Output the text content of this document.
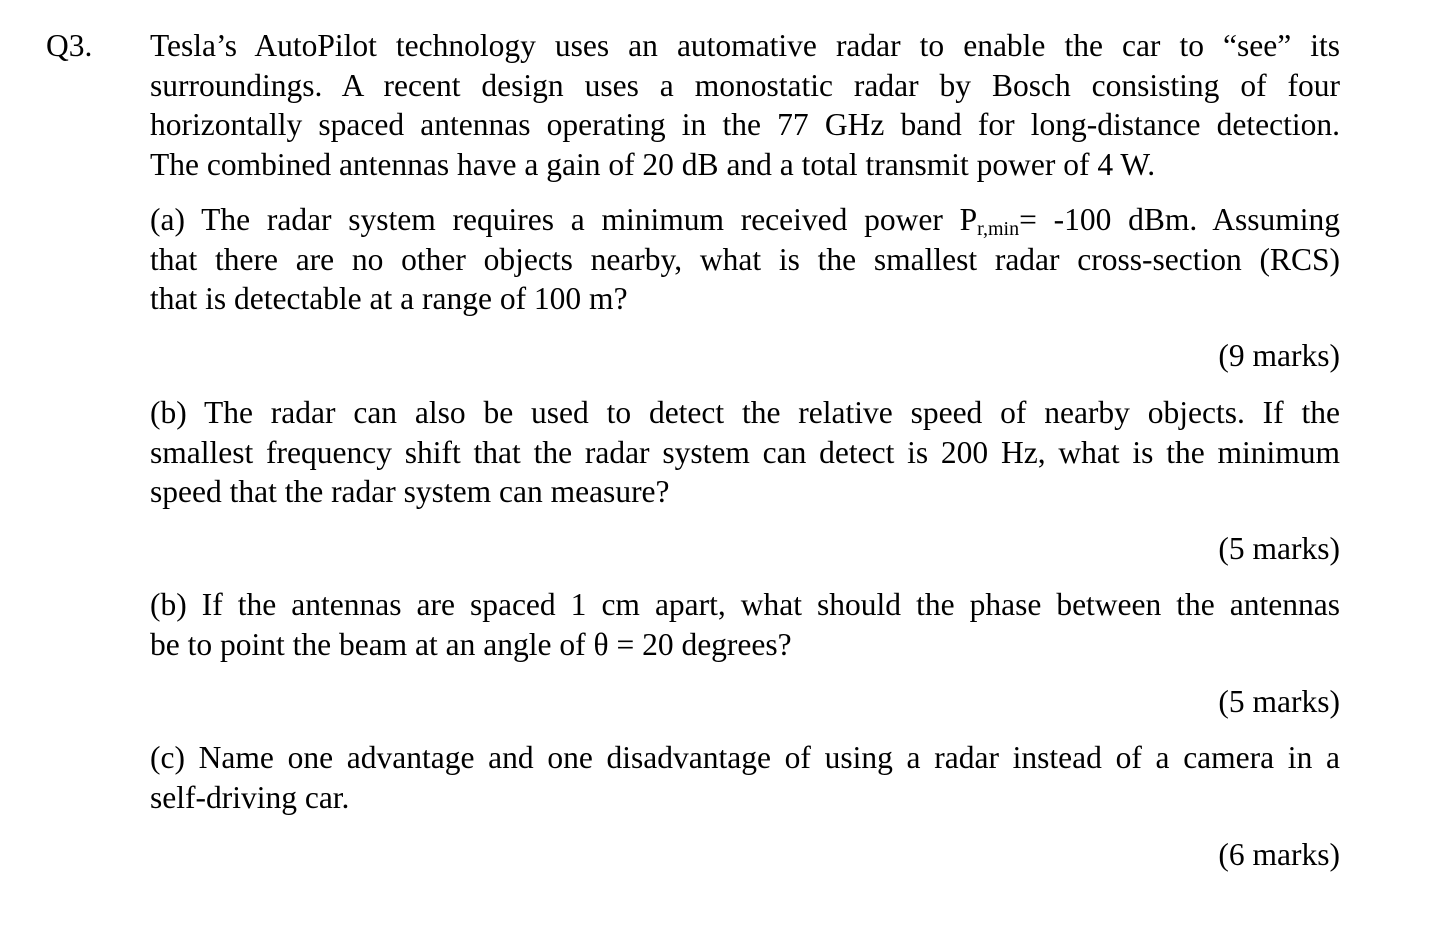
Q3. Tesla’s AutoPilot technology uses an automative radar to enable the car to “see” its
surroundings. A recent design uses a monostatic radar by Bosch consisting of four
horizontally spaced antennas operating in the 77 GHz band for long-distance detection.
The combined antennas have a gain of 20 dB and a total transmit power of 4 W.
(a) The radar system requires a minimum received power $P_{r,min}= -100$ dBm. Assuming
that there are no other objects nearby, what is the smallest radar cross-section (RCS)
that is detectable at a range of 100 m?
(9 marks)
(b) The radar can also be used to detect the relative speed of nearby objects. If the
smallest frequency shift that the radar system can detect is 200 Hz, what is the minimum
speed that the radar system can measure?
(5 marks)
(b) If the antennas are spaced 1 cm apart, what should the phase between the antennas
be to point the beam at an angle of θ = 20 degrees?
(5 marks)
(c) Name one advantage and one disadvantage of using a radar instead of a camera in a
self-driving car.
(6 marks)
